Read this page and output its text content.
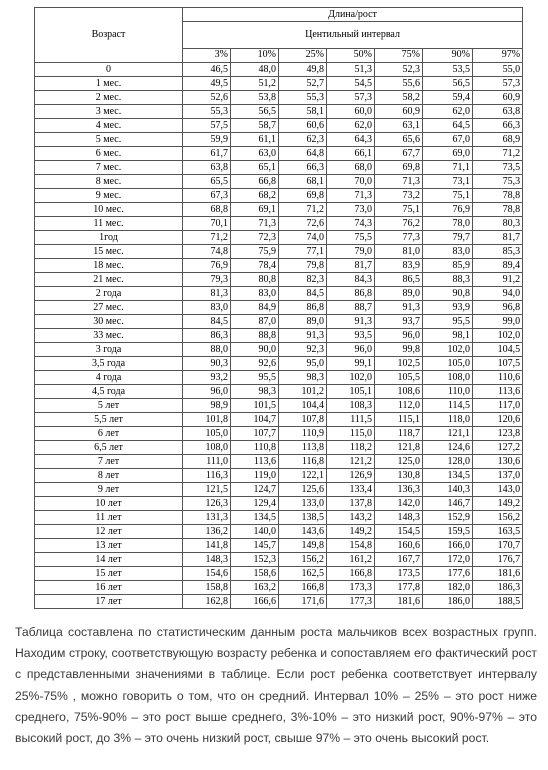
Возраст	Длина/рост						
	Центильный интервал						
	3%	10%	25%	50%	75%	90%	97%
0	46,5	48,0	49,8	51,3	52,3	53,5	55,0
1 мес.	49,5	51,2	52,7	54,5	55,6	56,5	57,3
2 мес.	52,6	53,8	55,3	57,3	58,2	59,4	60,9
3 мес.	55,3	56,5	58,1	60,0	60,9	62,0	63,8
4 мес.	57,5	58,7	60,6	62,0	63,1	64,5	66,3
5 мес.	59,9	61,1	62,3	64,3	65,6	67,0	68,9
6 мес.	61,7	63,0	64,8	66,1	67,7	69,0	71,2
7 мес.	63,8	65,1	66,3	68,0	69,8	71,1	73,5
8 мес.	65,5	66,8	68,1	70,0	71,3	73,1	75,3
9 мес.	67,3	68,2	69,8	71,3	73,2	75,1	78,8
10 мес.	68,8	69,1	71,2	73,0	75,1	76,9	78,8
11 мес.	70,1	71,3	72,6	74,3	76,2	78,0	80,3
1год	71,2	72,3	74,0	75,5	77,3	79,7	81,7
15 мес.	74,8	75,9	77,1	79,0	81,0	83,0	85,3
18 мес.	76,9	78,4	79,8	81,7	83,9	85,9	89,4
21 мес.	79,3	80,8	82,3	84,3	86,5	88,3	91,2
2 года	81,3	83,0	84,5	86,8	89,0	90,8	94,0
27 мес.	83,0	84,9	86,8	88,7	91,3	93,9	96,8
30 мес.	84,5	87,0	89,0	91,3	93,7	95,5	99,0
33 мес.	86,3	88,8	91,3	93,5	96,0	98,1	102,0
3 года	88,0	90,0	92,3	96,0	99,8	102,0	104,5
3,5 года	90,3	92,6	95,0	99,1	102,5	105,0	107,5
4 года	93,2	95,5	98,3	102,0	105,5	108,0	110,6
4,5 года	96,0	98,3	101,2	105,1	108,6	110,0	113,6
5 лет	98,9	101,5	104,4	108,3	112,0	114,5	117,0
5,5 лет	101,8	104,7	107,8	111,5	115,1	118,0	120,6
6 лет	105,0	107,7	110,9	115,0	118,7	121,1	123,8
6,5 лет	108,0	110,8	113,8	118,2	121,8	124,6	127,2
7 лет	111,0	113,6	116,8	121,2	125,0	128,0	130,6
8 лет	116,3	119,0	122,1	126,9	130,8	134,5	137,0
9 лет	121,5	124,7	125,6	133,4	136,3	140,3	143,0
10 лет	126,3	129,4	133,0	137,8	142,0	146,7	149,2
11 лет	131,3	134,5	138,5	143,2	148,3	152,9	156,2
12 лет	136,2	140,0	143,6	149,2	154,5	159,5	163,5
13 лет	141,8	145,7	149,8	154,8	160,6	166,0	170,7
14 лет	148,3	152,3	156,2	161,2	167,7	172,0	176,7
15 лет	154,6	158,6	162,5	166,8	173,5	177,6	181,6
16 лет	158,8	163,2	166,8	173,3	177,8	182,0	186,3
17 лет	162,8	166,6	171,6	177,3	181,6	186,0	188,5

Таблица составлена по статистическим данным роста мальчиков всех возрастных групп. Находим строку, соответствующую возрасту ребенка и сопоставляем его фактический рост с представленными значениями в таблице. Если рост ребенка соответствует интервалу 25%-75% , можно говорить о том, что он средний. Интервал 10% – 25% – это рост ниже среднего, 75%-90% – это рост выше среднего, 3%-10% – это низкий рост, 90%-97% – это высокий рост, до 3% – это очень низкий рост, свыше 97% – это очень высокий рост.
